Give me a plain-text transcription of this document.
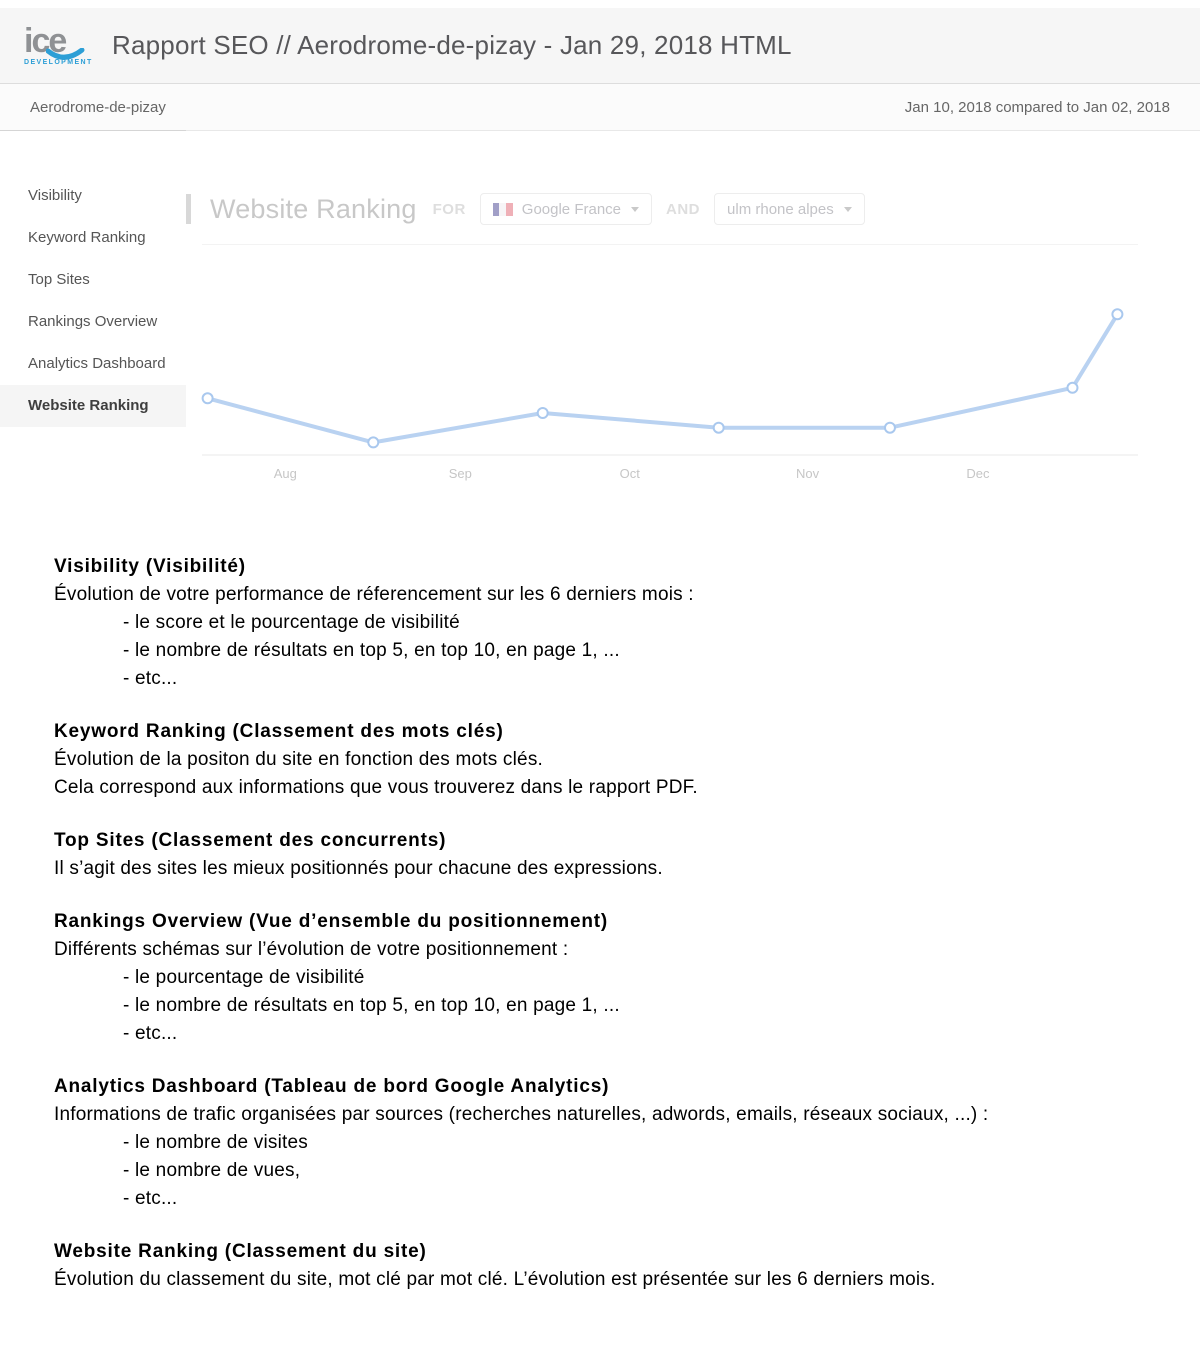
ice
DEVELOPMENT
Rapport SEO // Aerodrome-de-pizay - Jan 29, 2018 HTML
Aerodrome-de-pizay	Jan 10, 2018 compared to Jan 02, 2018
Visibility
Keyword Ranking
Top Sites
Rankings Overview
Analytics Dashboard
Website Ranking
Website Ranking FOR	Google France	AND ulm rhone alpes
Aug	Sep	Oct	Nov	Dec
Visibility (Visibilité)
Évolution de votre performance de réferencement sur les 6 derniers mois :
- le score et le pourcentage de visibilité
- le nombre de résultats en top 5, en top 10, en page 1, ...
- etc...
Keyword Ranking (Classement des mots clés)
Évolution de la positon du site en fonction des mots clés.
Cela correspond aux informations que vous trouverez dans le rapport PDF.
Top Sites (Classement des concurrents)
Il s’agit des sites les mieux positionnés pour chacune des expressions.
Rankings Overview (Vue d’ensemble du positionnement)
Différents schémas sur l’évolution de votre positionnement :
- le pourcentage de visibilité
- le nombre de résultats en top 5, en top 10, en page 1, ...
- etc...
Analytics Dashboard (Tableau de bord Google Analytics)
Informations de trafic organisées par sources (recherches naturelles, adwords, emails, réseaux sociaux, ...) :
- le nombre de visites
- le nombre de vues,
- etc...
Website Ranking (Classement du site)
Évolution du classement du site, mot clé par mot clé. L’évolution est présentée sur les 6 derniers mois.
